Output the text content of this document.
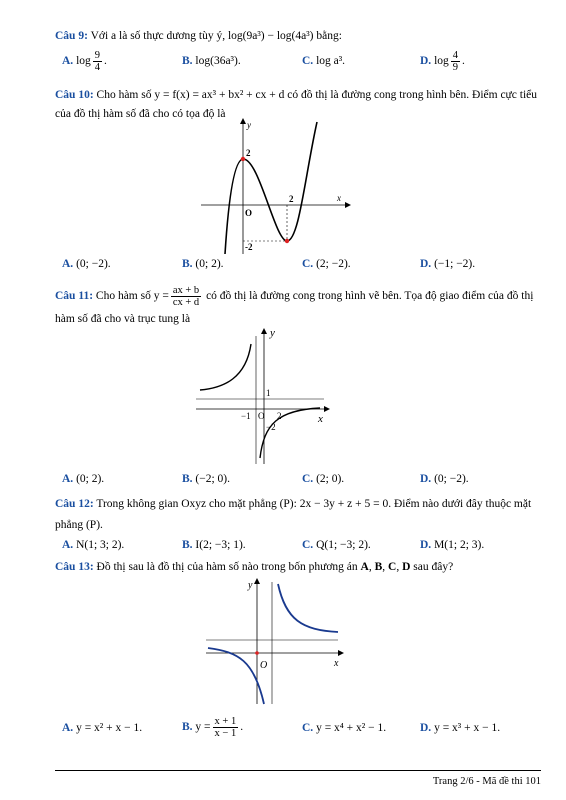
Câu 9: Với a là số thực dương tùy ý, log(9a³) − log(4a³) bằng:
A. $\log \frac{9}{4}$ .	B. log(36a³).	C. log a³.	D. $\log \frac{4}{9}$ .
Câu 10: Cho hàm số y = f(x) = ax³ + bx² + cx + d có đồ thị là đường cong trong hình bên. Điểm cực tiểu
của đồ thị hàm số đã cho có tọa độ là
y
x
O
2
2
-2
A. (0; −2).	B. (0; 2).	C. (2; −2).	D. (−1; −2).
Câu 11: Cho hàm số $y = \frac{ax + b}{cx + d}$ có đồ thị là đường cong trong hình vẽ bên. Tọa độ giao điểm của đồ thị
hàm số đã cho và trục tung là
y
x
O
1
−1	2
−2
A. (0; 2).	B. (−2; 0).	C. (2; 0).	D. (0; −2).
Câu 12: Trong không gian Oxyz cho mặt phẳng (P): 2x − 3y + z + 5 = 0. Điểm nào dưới đây thuộc mặt
phẳng (P).
A. N(1; 3; 2).	B. I(2; −3; 1).	C. Q(1; −3; 2).	D. M(1; 2; 3).
Câu 13: Đồ thị sau là đồ thị của hàm số nào trong bốn phương án A, B, C, D sau đây?
y
x
O
A. y = x² + x − 1.	B. $y = \frac{x + 1}{x - 1}$ .	C. y = x⁴ + x² − 1.	D. y = x³ + x − 1.
Trang 2/6 - Mã đề thi 101
